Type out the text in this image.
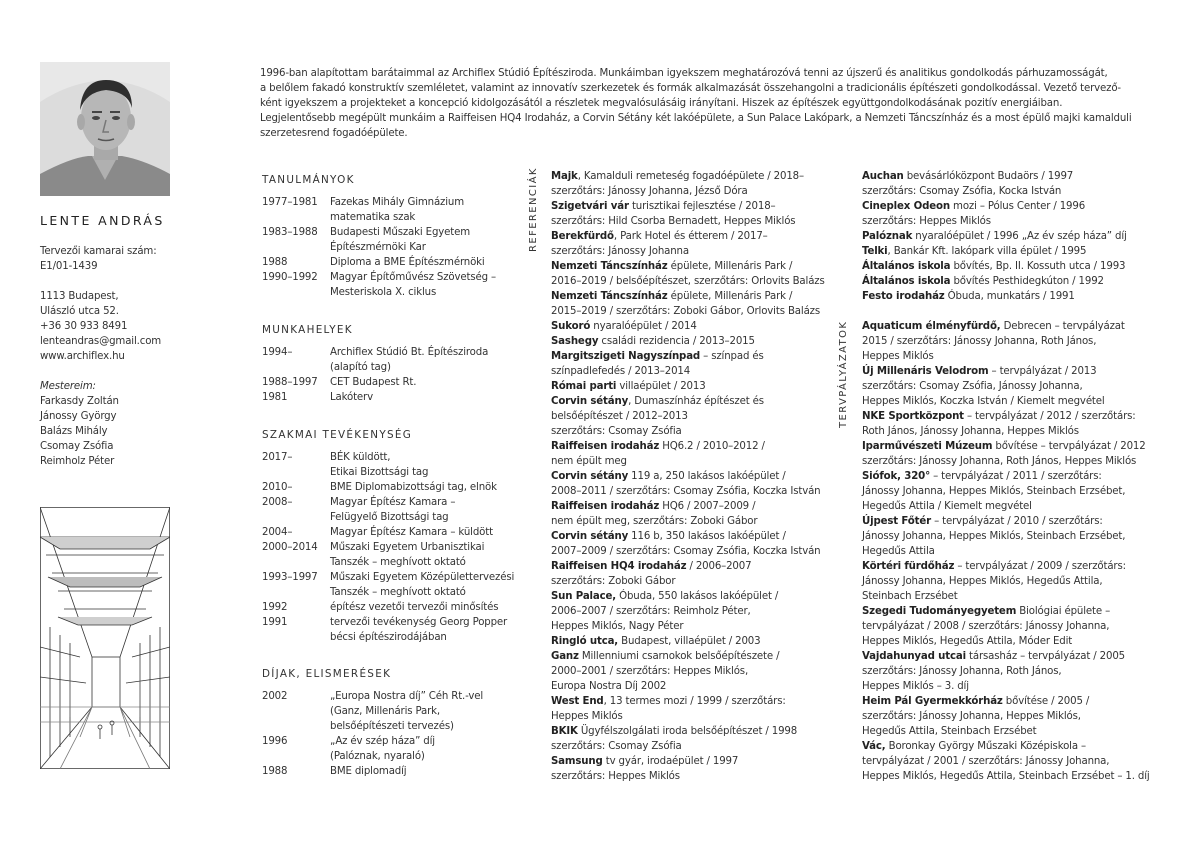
LENTE ANDRÁS
Tervezői kamarai szám:
E1/01-1439
1113 Budapest,
Ulászló utca 52.
+36 30 933 8491
lenteandras@gmail.com
www.archiflex.hu
Mestereim:
Farkasdy Zoltán
Jánossy György
Balázs Mihály
Csomay Zsófia
Reimholz Péter
1996-ban alapítottam barátaimmal az Archiflex Stúdió Építésziroda. Munkáimban igyekszem meghatározóvá tenni az újszerű és analitikus gondolkodás párhuzamosságát,
a belőlem fakadó konstruktív szemléletet, valamint az innovatív szerkezetek és formák alkalmazását összehangolni a tradicionális építészeti gondolkodással. Vezető tervező-
ként igyekszem a projekteket a koncepció kidolgozásától a részletek megvalósulásáig irányítani. Hiszek az építészek együttgondolkodásának pozitív energiáiban.
Legjelentősebb megépült munkáim a Raiffeisen HQ4 Irodaház, a Corvin Sétány két lakóépülete, a Sun Palace Lakópark, a Nemzeti Táncszínház és a most épülő majki kamalduli
szerzetesrend fogadóépülete.
TANULMÁNYOK
1977–1981 Fazekas Mihály Gimnázium
matematika szak
1983–1988 Budapesti Műszaki Egyetem
Építészmérnöki Kar
1988	Diploma a BME Építészmérnöki
1990–1992 Magyar Építőművész Szövetség –
Mesteriskola X. ciklus
MUNKAHELYEK
1994–	Archiflex Stúdió Bt. Építésziroda
(alapító tag)
1988–1997 CET Budapest Rt.
1981	Lakóterv
SZAKMAI TEVÉKENYSÉG
2017–	BÉK küldött,
Etikai Bizottsági tag
2010–	BME Diplomabizottsági tag, elnök
2008–	Magyar Építész Kamara –
Felügyelő Bizottsági tag
2004–	Magyar Építész Kamara – küldött
2000–2014 Műszaki Egyetem Urbanisztikai
Tanszék – meghívott oktató
1993–1997 Műszaki Egyetem Középülettervezési
Tanszék – meghívott oktató
1992	építész vezetői tervezői minősítés
1991	tervezői tevékenység Georg Popper
bécsi építészirodájában
DÍJAK, ELISMERÉSEK
2002	„Europa Nostra díj” Céh Rt.-vel
(Ganz, Millenáris Park,
belsőépítészeti tervezés)
1996	„Az év szép háza” díj
(Palóznak, nyaraló)
1988	BME diplomadíj
REFERENCIÁK Majk, Kamalduli remeteség fogadóépülete / 2018–
szerzőtárs: Jánossy Johanna, Jézső Dóra
Szigetvári vár turisztikai fejlesztése / 2018–
szerzőtárs: Hild Csorba Bernadett, Heppes Miklós
Berekfürdő, Park Hotel és étterem / 2017–
szerzőtárs: Jánossy Johanna
Nemzeti Táncszínház épülete, Millenáris Park /
2016–2019 / belsőépítészet, szerzőtárs: Orlovits Balázs
Nemzeti Táncszínház épülete, Millenáris Park /
2015–2019 / szerzőtárs: Zoboki Gábor, Orlovits Balázs
Sukoró nyaralóépület / 2014
Sashegy családi rezidencia / 2013–2015
Margitszigeti Nagyszínpad – színpad és
színpadlefedés / 2013–2014
Római parti villaépület / 2013
Corvin sétány, Dumaszínház építészet és
belsőépítészet / 2012–2013
szerzőtárs: Csomay Zsófia
Raiffeisen irodaház HQ6.2 / 2010–2012 /
nem épült meg
Corvin sétány 119 a, 250 lakásos lakóépület /
2008–2011 / szerzőtárs: Csomay Zsófia, Koczka István
Raiffeisen irodaház HQ6 / 2007–2009 /
nem épült meg, szerzőtárs: Zoboki Gábor
Corvin sétány 116 b, 350 lakásos lakóépület /
2007–2009 / szerzőtárs: Csomay Zsófia, Koczka István
Raiffeisen HQ4 irodaház / 2006–2007
szerzőtárs: Zoboki Gábor
Sun Palace, Óbuda, 550 lakásos lakóépület /
2006–2007 / szerzőtárs: Reimholz Péter,
Heppes Miklós, Nagy Péter
Ringló utca, Budapest, villaépület / 2003
Ganz Millenniumi csarnokok belsőépítészete /
2000–2001 / szerzőtárs: Heppes Miklós,
Europa Nostra Díj 2002
West End, 13 termes mozi / 1999 / szerzőtárs:
Heppes Miklós
BKIK Ügyfélszolgálati iroda belsőépítészet / 1998
szerzőtárs: Csomay Zsófia
Samsung tv gyár, irodaépület / 1997
szerzőtárs: Heppes Miklós
Auchan bevásárlóközpont Budaörs / 1997
szerzőtárs: Csomay Zsófia, Kocka István
Cineplex Odeon mozi – Pólus Center / 1996
szerzőtárs: Heppes Miklós
Palóznak nyaralóépület / 1996 „Az év szép háza” díj
Telki, Bankár Kft. lakópark villa épület / 1995
Általános iskola bővítés, Bp. II. Kossuth utca / 1993
Általános iskola bővítés Pesthidegkúton / 1992
Festo irodaház Óbuda, munkatárs / 1991
TERVPÁLYÁZATOK Aquaticum élményfürdő, Debrecen – tervpályázat
2015 / szerzőtárs: Jánossy Johanna, Roth János,
Heppes Miklós
Új Millenáris Velodrom – tervpályázat / 2013
szerzőtárs: Csomay Zsófia, Jánossy Johanna,
Heppes Miklós, Koczka István / Kiemelt megvétel
NKE Sportközpont – tervpályázat / 2012 / szerzőtárs:
Roth János, Jánossy Johanna, Heppes Miklós
Iparművészeti Múzeum bővítése – tervpályázat / 2012
szerzőtárs: Jánossy Johanna, Roth János, Heppes Miklós
Siófok, 320° – tervpályázat / 2011 / szerzőtárs:
Jánossy Johanna, Heppes Miklós, Steinbach Erzsébet,
Hegedűs Attila / Kiemelt megvétel
Újpest Főtér – tervpályázat / 2010 / szerzőtárs:
Jánossy Johanna, Heppes Miklós, Steinbach Erzsébet,
Hegedűs Attila
Körtéri fürdőház – tervpályázat / 2009 / szerzőtárs:
Jánossy Johanna, Heppes Miklós, Hegedűs Attila,
Steinbach Erzsébet
Szegedi Tudományegyetem Biológiai épülete –
tervpályázat / 2008 / szerzőtárs: Jánossy Johanna,
Heppes Miklós, Hegedűs Attila, Móder Edit
Vajdahunyad utcai társasház – tervpályázat / 2005
szerzőtárs: Jánossy Johanna, Roth János,
Heppes Miklós – 3. díj
Heim Pál Gyermekkórház bővítése / 2005 /
szerzőtárs: Jánossy Johanna, Heppes Miklós,
Hegedűs Attila, Steinbach Erzsébet
Vác, Boronkay György Műszaki Középiskola –
tervpályázat / 2001 / szerzőtárs: Jánossy Johanna,
Heppes Miklós, Hegedűs Attila, Steinbach Erzsébet – 1. díj
